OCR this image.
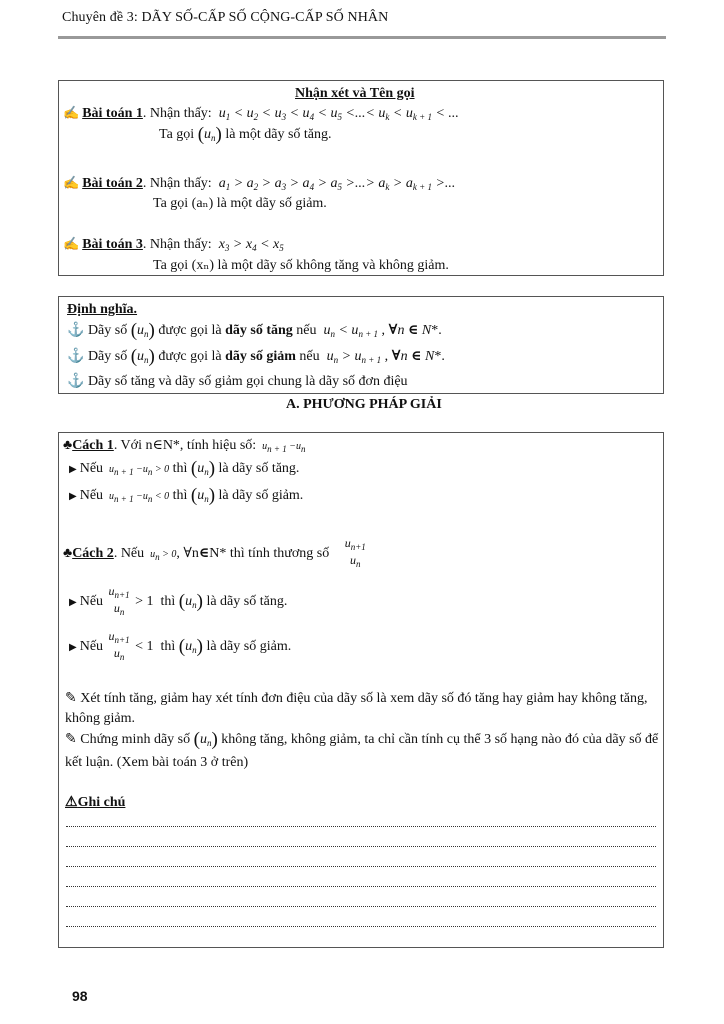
Chuyên đề 3: DÃY SỐ-CẤP SỐ CỘNG-CẤP SỐ NHÂN
Nhận xét và Tên gọi
✍ Bài toán 1. Nhận thấy:  $u_1 < u_2 < u_3 < u_4 < u_5$ <...< $u_k < u_{k + 1}$ < ...
Ta gọi $(u_n)$ là một dãy số tăng.
✍ Bài toán 2. Nhận thấy:  $a_1 > a_2 > a_3 > a_4 > a_5$ >...> $a_k > a_{k + 1}$ >...
Ta gọi (aₙ) là một dãy số giảm.
✍ Bài toán 3. Nhận thấy:  $x_3 > x_4 < x_5$
Ta gọi (xₙ) là một dãy số không tăng và không giảm.
Định nghĩa.
⚓ Dãy số $(u_n)$ được gọi là dãy số tăng nếu  $u_n < u_{n + 1}$ , ∀n ∈ N*.
⚓ Dãy số $(u_n)$ được gọi là dãy số giảm nếu  $u_n > u_{n + 1}$ , ∀n ∈ N*.
⚓ Dãy số tăng và dãy số giảm gọi chung là dãy số đơn điệu
A. PHƯƠNG PHÁP GIẢI
♣Cách 1. Với n∈N*, tính hiệu số:  un + 1 −un
▶ Nếu  un + 1 −un > 0 thì $(u_n)$ là dãy số tăng.
▶ Nếu  un + 1 −un < 0 thì $(u_n)$ là dãy số giảm.
♣Cách 2. Nếu  un > 0, ∀n∈N* thì tính thương số
$u_{n+1}$
$u_n$
▶ Nếu
$u_{n+1}$
$u_n$
> 1  thì $(u_n)$ là dãy số tăng.
▶ Nếu
$u_{n+1}$
$u_n$
< 1  thì $(u_n)$ là dãy số giảm.
✎ Xét tính tăng, giảm hay xét tính đơn điệu của dãy số là xem dãy số đó tăng hay giảm hay không tăng, không giảm.
✎ Chứng minh dãy số $(u_n)$ không tăng, không giảm, ta chỉ cần tính cụ thể 3 số hạng nào đó của dãy số để kết luận. (Xem bài toán 3 ở trên)
⚠Ghi chú
98
